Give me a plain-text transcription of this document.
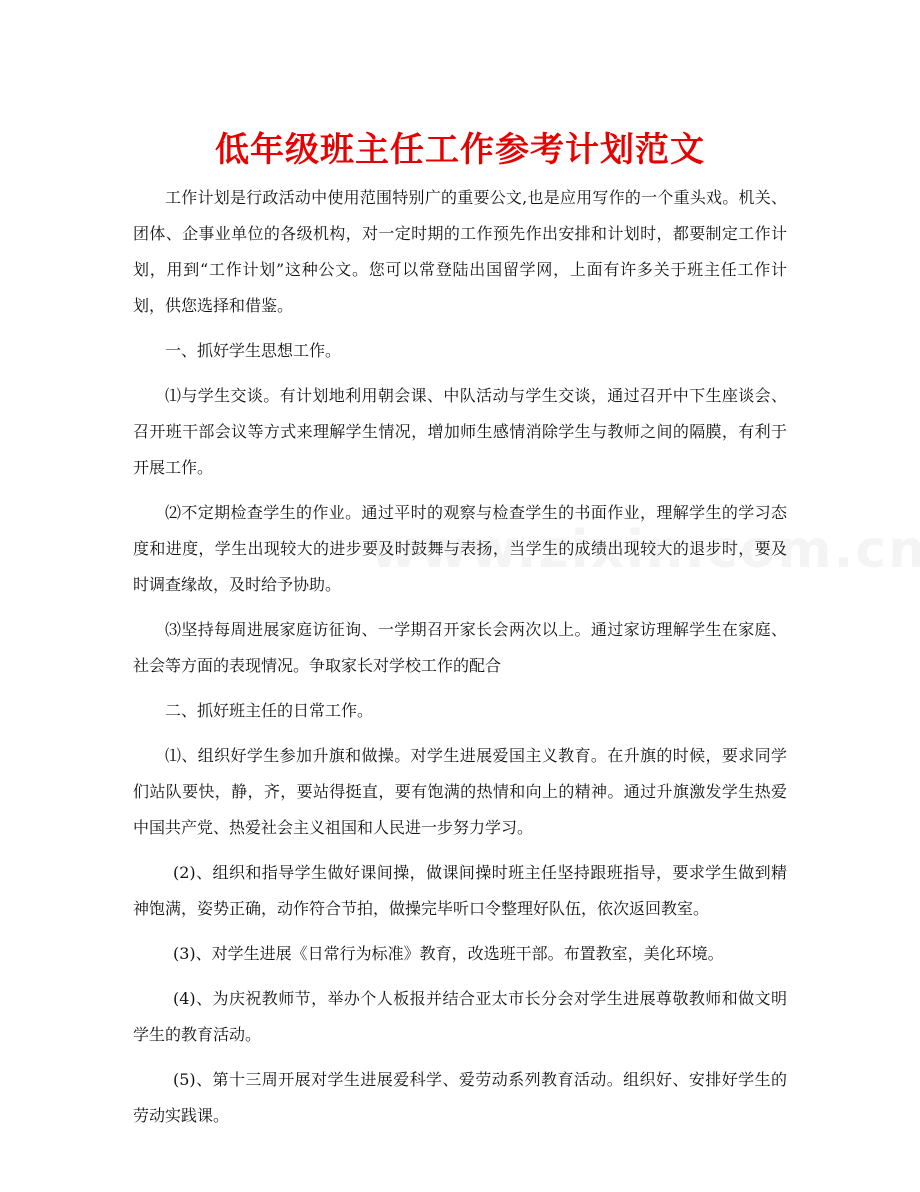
低年级班主任工作参考计划范文

工作计划是行政活动中使用范围特别广的重要公文,也是应用写作的一个重头戏。机关、团体、企事业单位的各级机构，对一定时期的工作预先作出安排和计划时，都要制定工作计划，用到“工作计划”这种公文。您可以常登陆出国留学网，上面有许多关于班主任工作计划，供您选择和借鉴。

一、抓好学生思想工作。

⑴与学生交谈。有计划地利用朝会课、中队活动与学生交谈，通过召开中下生座谈会、召开班干部会议等方式来理解学生情况，增加师生感情消除学生与教师之间的隔膜，有利于开展工作。

⑵不定期检查学生的作业。通过平时的观察与检查学生的书面作业，理解学生的学习态度和进度，学生出现较大的进步要及时鼓舞与表扬，当学生的成绩出现较大的退步时，要及时调查缘故，及时给予协助。

⑶坚持每周进展家庭访征询、一学期召开家长会两次以上。通过家访理解学生在家庭、社会等方面的表现情况。争取家长对学校工作的配合

二、抓好班主任的日常工作。

⑴、组织好学生参加升旗和做操。对学生进展爱国主义教育。在升旗的时候，要求同学们站队要快，静，齐，要站得挺直，要有饱满的热情和向上的精神。通过升旗激发学生热爱中国共产党、热爱社会主义祖国和人民进一步努力学习。

(2)、组织和指导学生做好课间操，做课间操时班主任坚持跟班指导，要求学生做到精神饱满，姿势正确，动作符合节拍，做操完毕听口令整理好队伍，依次返回教室。

(3)、对学生进展《日常行为标准》教育，改选班干部。布置教室，美化环境。

(4)、为庆祝教师节，举办个人板报并结合亚太市长分会对学生进展尊敬教师和做文明学生的教育活动。

(5)、第十三周开展对学生进展爱科学、爱劳动系列教育活动。组织好、安排好学生的劳动实践课。
